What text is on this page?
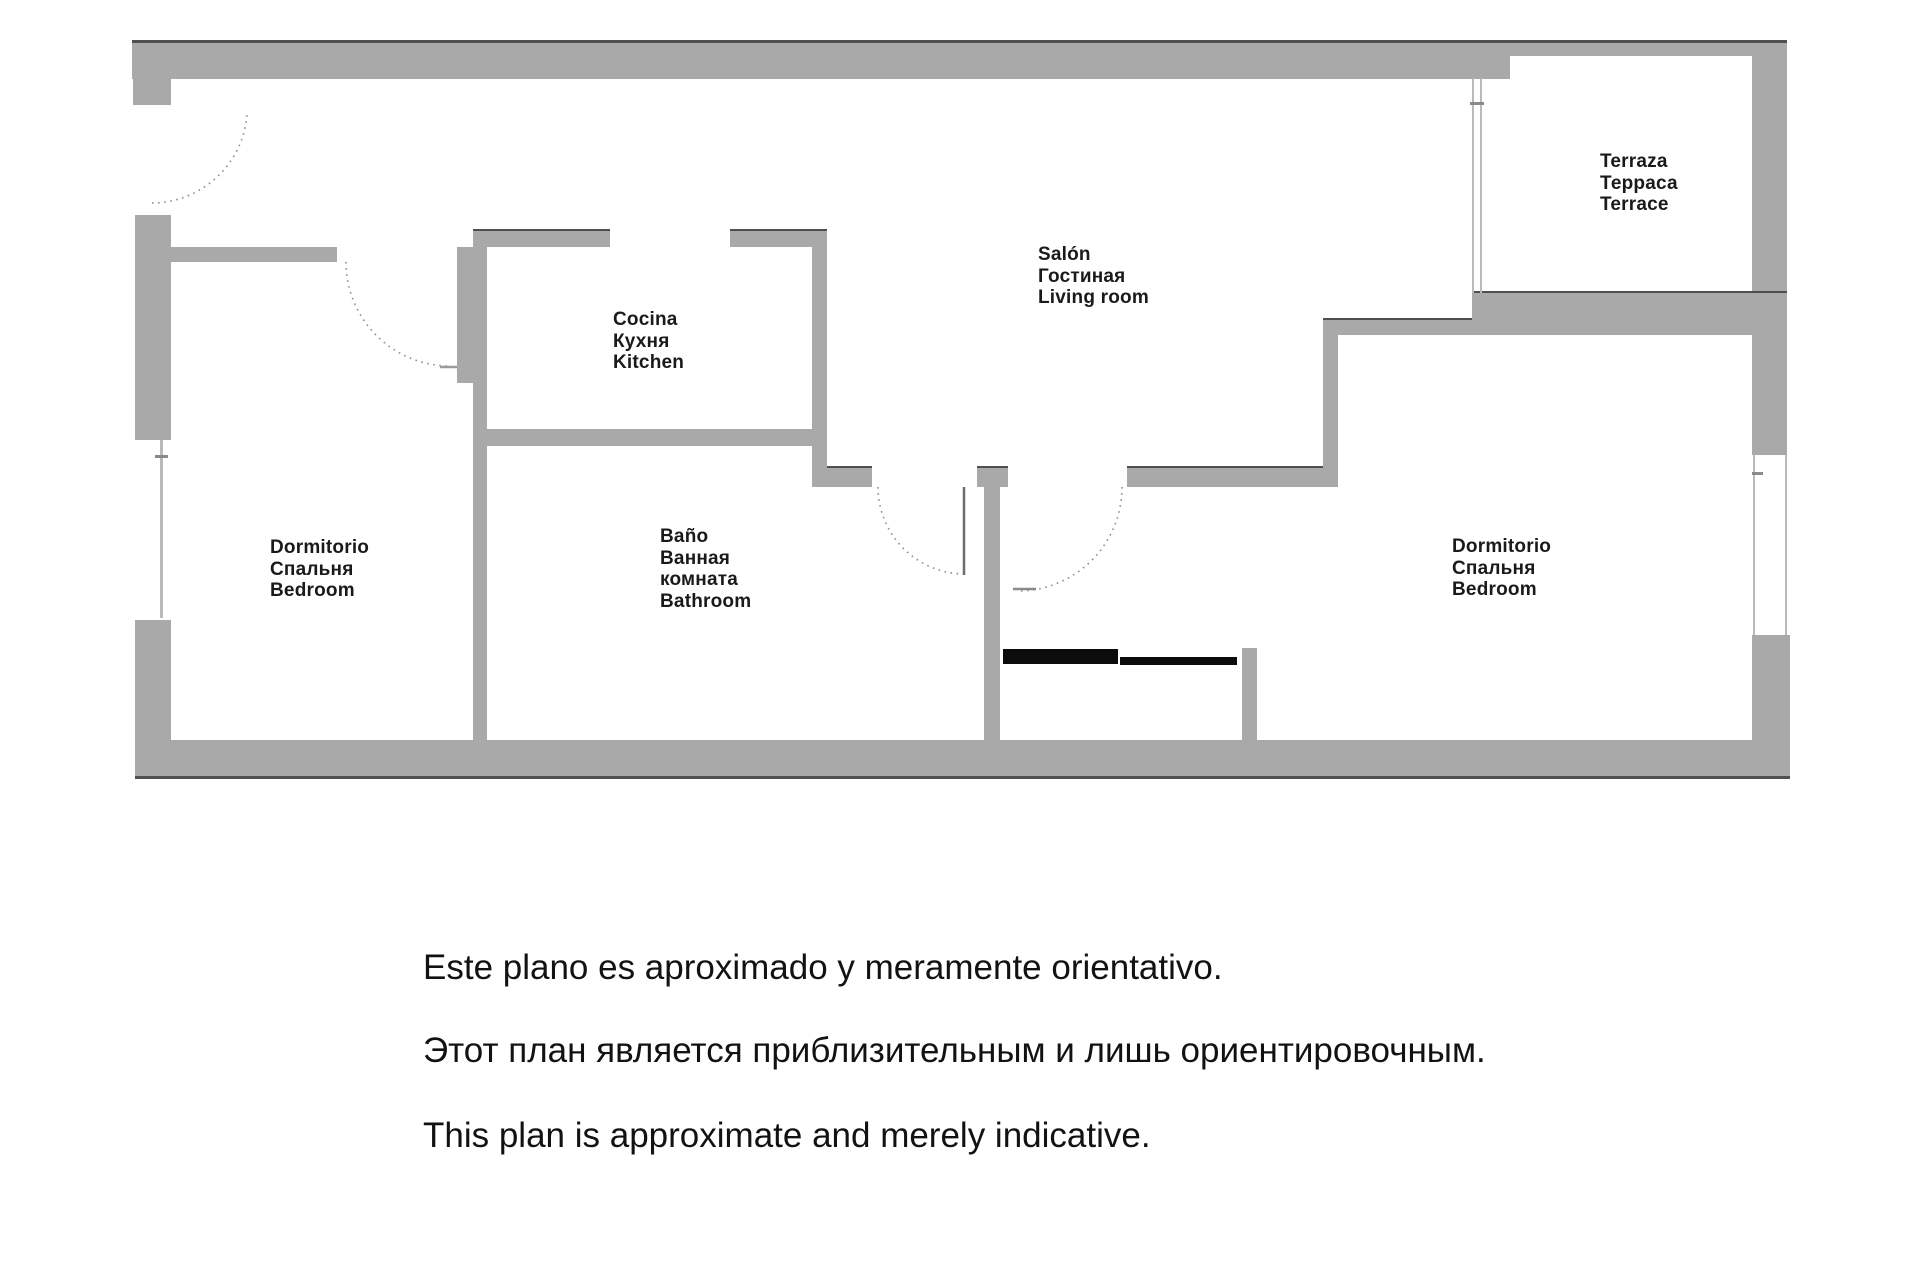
Dormitorio
Спальня
Bedroom
Cocina
Кухня
Kitchen
Baño
Ванная
комната
Bathroom
Salón
Гостиная
Living room
Dormitorio
Спальня
Bedroom
Terraza
Терраса
Terrace
Este plano es aproximado y meramente orientativo.
Этот план является приблизительным и лишь ориентировочным.
This plan is approximate and merely indicative.
